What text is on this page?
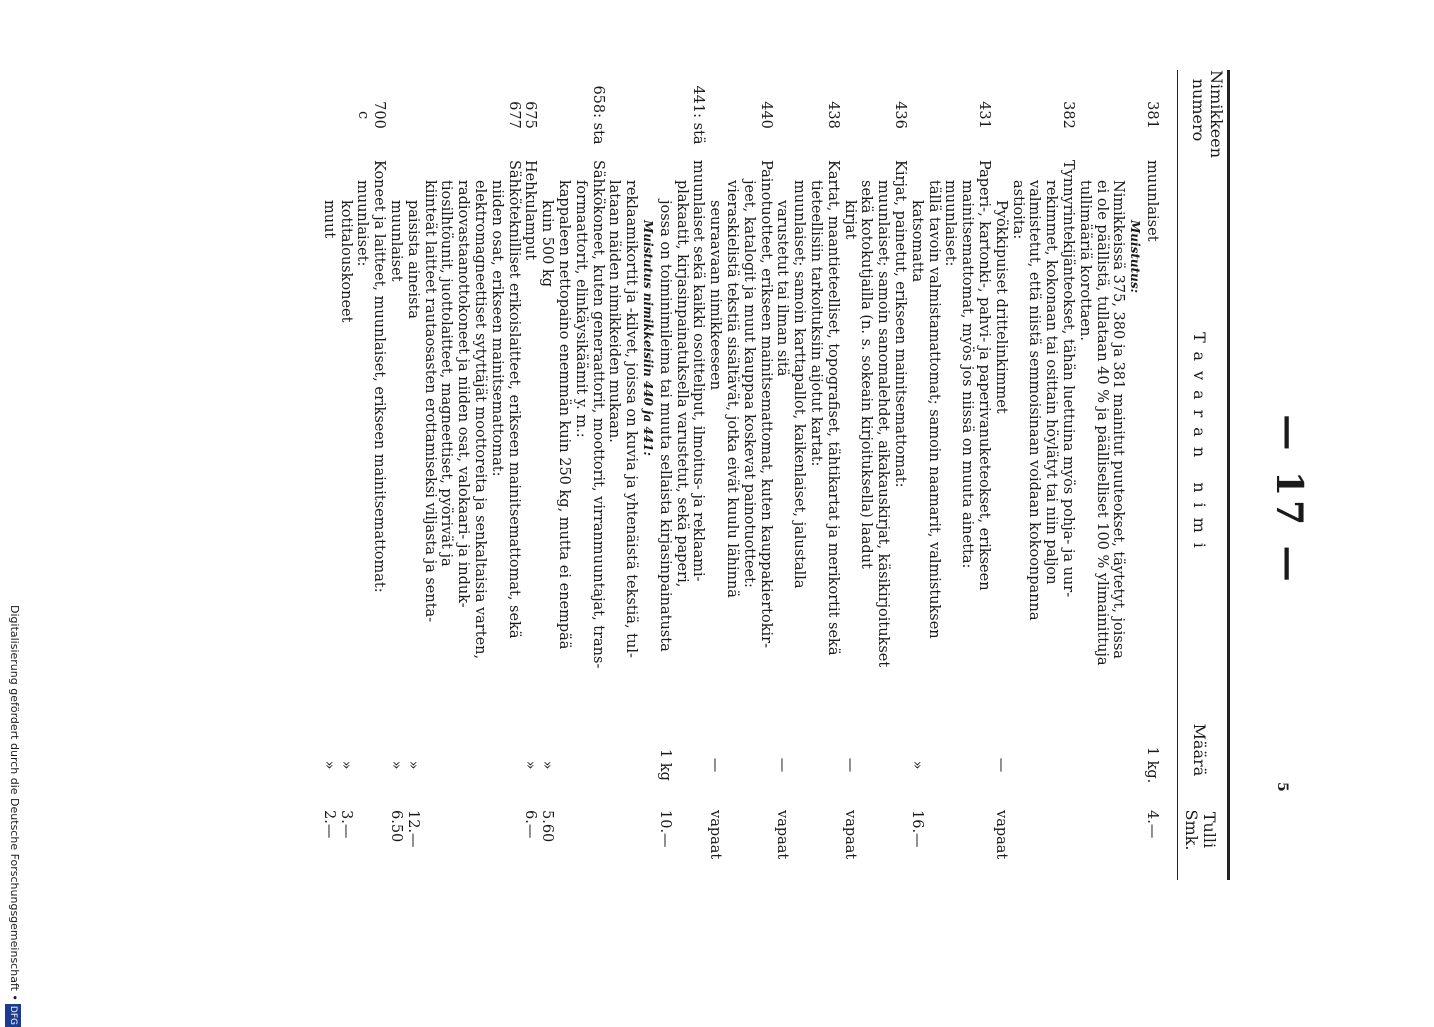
— 17 —
5
Nimikkeen numero
Tavaran nimi
Määrä
Tulli
Smk.
381
muunlaiset
1 kg.
4.—
Muistutus:
Nimikkeissä 375, 380 ja 381 mainitut puuteokset, täytetyt, joissa
ei ole päällistä, tullataan 40 % ja päälliselliset 100 % ylimainittuja
tullimääriä korottaen.
382
Tynnyrintekijänteokset, tähän luettuina myös pohja- ja uur-
rekimmet, kokonaan tai osittain höylätyt tai niin paljon
valmistetut, että niistä semmoisinaan voidaan kokoonpanna
astioita:
Pyökkipuiset drittelinkimmet
—
vapaat
431
Paperi-, kartonki-, pahvi- ja paperivanuketeokset, erikseen
mainitsemattomat, myös jos niissä on muuta ainetta:
muunlaiset:
tällä tavoin valmistamattomat; samoin naamarit, valmistuksen
katsomatta
»
16.—
436
Kirjat, painetut, erikseen mainitsemattomat:
muunlaiset; samoin sanomalehdet, aikakauskirjat, käsikirjoitukset
sekä kotokutjailla (n. s. sokeain kirjoituksella) laadut
kirjat
—
vapaat
438
Kartat, maantieteelliset, topografiset, tähtikartat ja merikortit sekä
tieteellisiin tarkoituksiin aijotut kartat:
muunlaiset; samoin karttapallot, kaikenlaiset, jalustalla
varustetut tai ilman sitä
—
vapaat
440
Painotuotteet, erikseen mainitsemattomat, kuten kauppakiertokir-
jeet, katalogit ja muut kauppaa koskevat painotuotteet:
vieraskielistä tekstiä sisältävät, jotka eivät kuulu lähinnä
seuraavaan nimikkeeseen
—
vapaat
441: stä
muunlaiset sekä kaikki osoitteliput, ilmoitus- ja reklaami-
plakaatit, kirjasinpainatuksella varustetut, sekä paperi,
jossa on toiminimileima tai muuta sellaista kirjasinpainatusta
1 kg
10.—
Muistutus nimikkeisiin 440 ja 441:
reklaamikortit ja -kilvet, joissa on kuvia ja yhtenäistä tekstiä, tul-
lataan näiden nimikkeiden mukaan.
658: sta
Sähkökoneet, kuten generaattorit, moottorit, virranmuuntajat, trans-
formaattorit, elinkäysikäämit y. m.:
kappaleen nettopaino enemmän kuin 250 kg, mutta ei enempää
kuin 500 kg
»
5.60
675
Hehkulamput
»
6.—
677
Sähköteknilliset erikoislaitteet, erikseen mainitsemattomat, sekä
niiden osat, erikseen mainitsemattomat:
elektromagneettiset sytyttäjät moottoreita ja senkaltaisia varten,
radiovastaanottokoneet ja niiden osat, valokaari- ja induk-
tiosilhtöunit, juottolaitteet, magneettiset, pyörivät ja
kiinteät laitteet rautaosasten erottamiseksi viljasta ja senta-
paisista aineista
»
12.—
muunlaiset
»
6.50
700
c
Koneet ja laitteet, muunlaiset, erikseen mainitsemattomat:
muunlaiset:
kotitalouskoneet
»
3.—
muut
»
2.—
Digitalisierung gefördert durch die Deutsche Forschungsgemeinschaft •DFG
